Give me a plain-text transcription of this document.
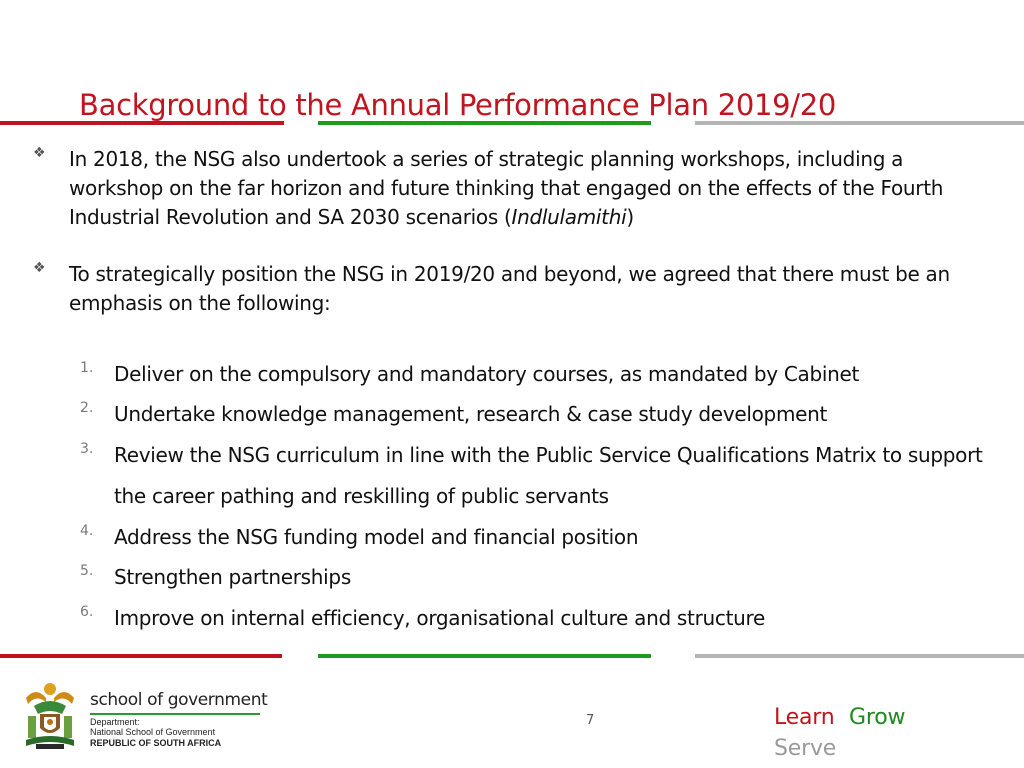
Background to the Annual Performance Plan 2019/20
❖ In 2018, the NSG also undertook a series of strategic planning workshops, including a workshop on the far horizon and future thinking that engaged on the effects of the Fourth Industrial Revolution and SA 2030 scenarios (Indlulamithi)
❖ To strategically position the NSG in 2019/20 and beyond, we agreed that there must be an emphasis on the following:
1. Deliver on the compulsory and mandatory courses, as mandated by Cabinet
2. Undertake knowledge management, research & case study development
3. Review the NSG curriculum in line with the Public Service Qualifications Matrix to support the career pathing and reskilling of public servants
4. Address the NSG funding model and financial position
5. Strengthen partnerships
6. Improve on internal efficiency, organisational culture and structure
school of government
Department:
National School of Government
REPUBLIC OF SOUTH AFRICA
7	Learn Grow
Serve
